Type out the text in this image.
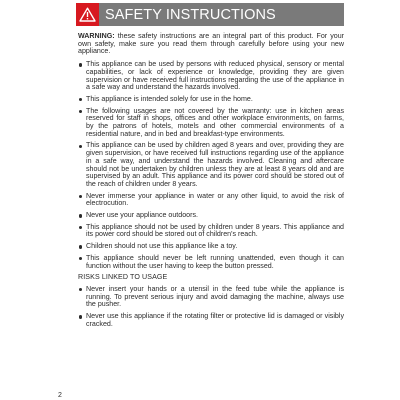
SAFETY INSTRUCTIONS

WARNING: these safety instructions are an integral part of this product. For your own safety, make sure you read them through carefully before using your new appliance.

This appliance can be used by persons with reduced physical, sensory or mental capabilities, or lack of experience or knowledge, providing they are given supervision or have received full instructions regarding the use of the appliance in a safe way and understand the hazards involved.
This appliance is intended solely for use in the home.
The following usages are not covered by the warranty: use in kitchen areas reserved for staff in shops, offices and other workplace environments, on farms, by the patrons of hotels, motels and other commercial environments of a residential nature, and in bed and breakfast-type environments.
This appliance can be used by children aged 8 years and over, providing they are given supervision, or have received full instructions regarding use of the appliance in a safe way, and understand the hazards involved. Cleaning and aftercare should not be undertaken by children unless they are at least 8 years old and are supervised by an adult. This appliance and its power cord should be stored out of the reach of children under 8 years.
Never immerse your appliance in water or any other liquid, to avoid the risk of electrocution.
Never use your appliance outdoors.
This appliance should not be used by children under 8 years. This appliance and its power cord should be stored out of children's reach.
Children should not use this appliance like a toy.
This appliance should never be left running unattended, even though it can function without the user having to keep the button pressed.
RISKS LINKED TO USAGE
Never insert your hands or a utensil in the feed tube while the appliance is running. To prevent serious injury and avoid damaging the machine, always use the pusher.
Never use this appliance if the rotating filter or protective lid is damaged or visibly cracked.
2
